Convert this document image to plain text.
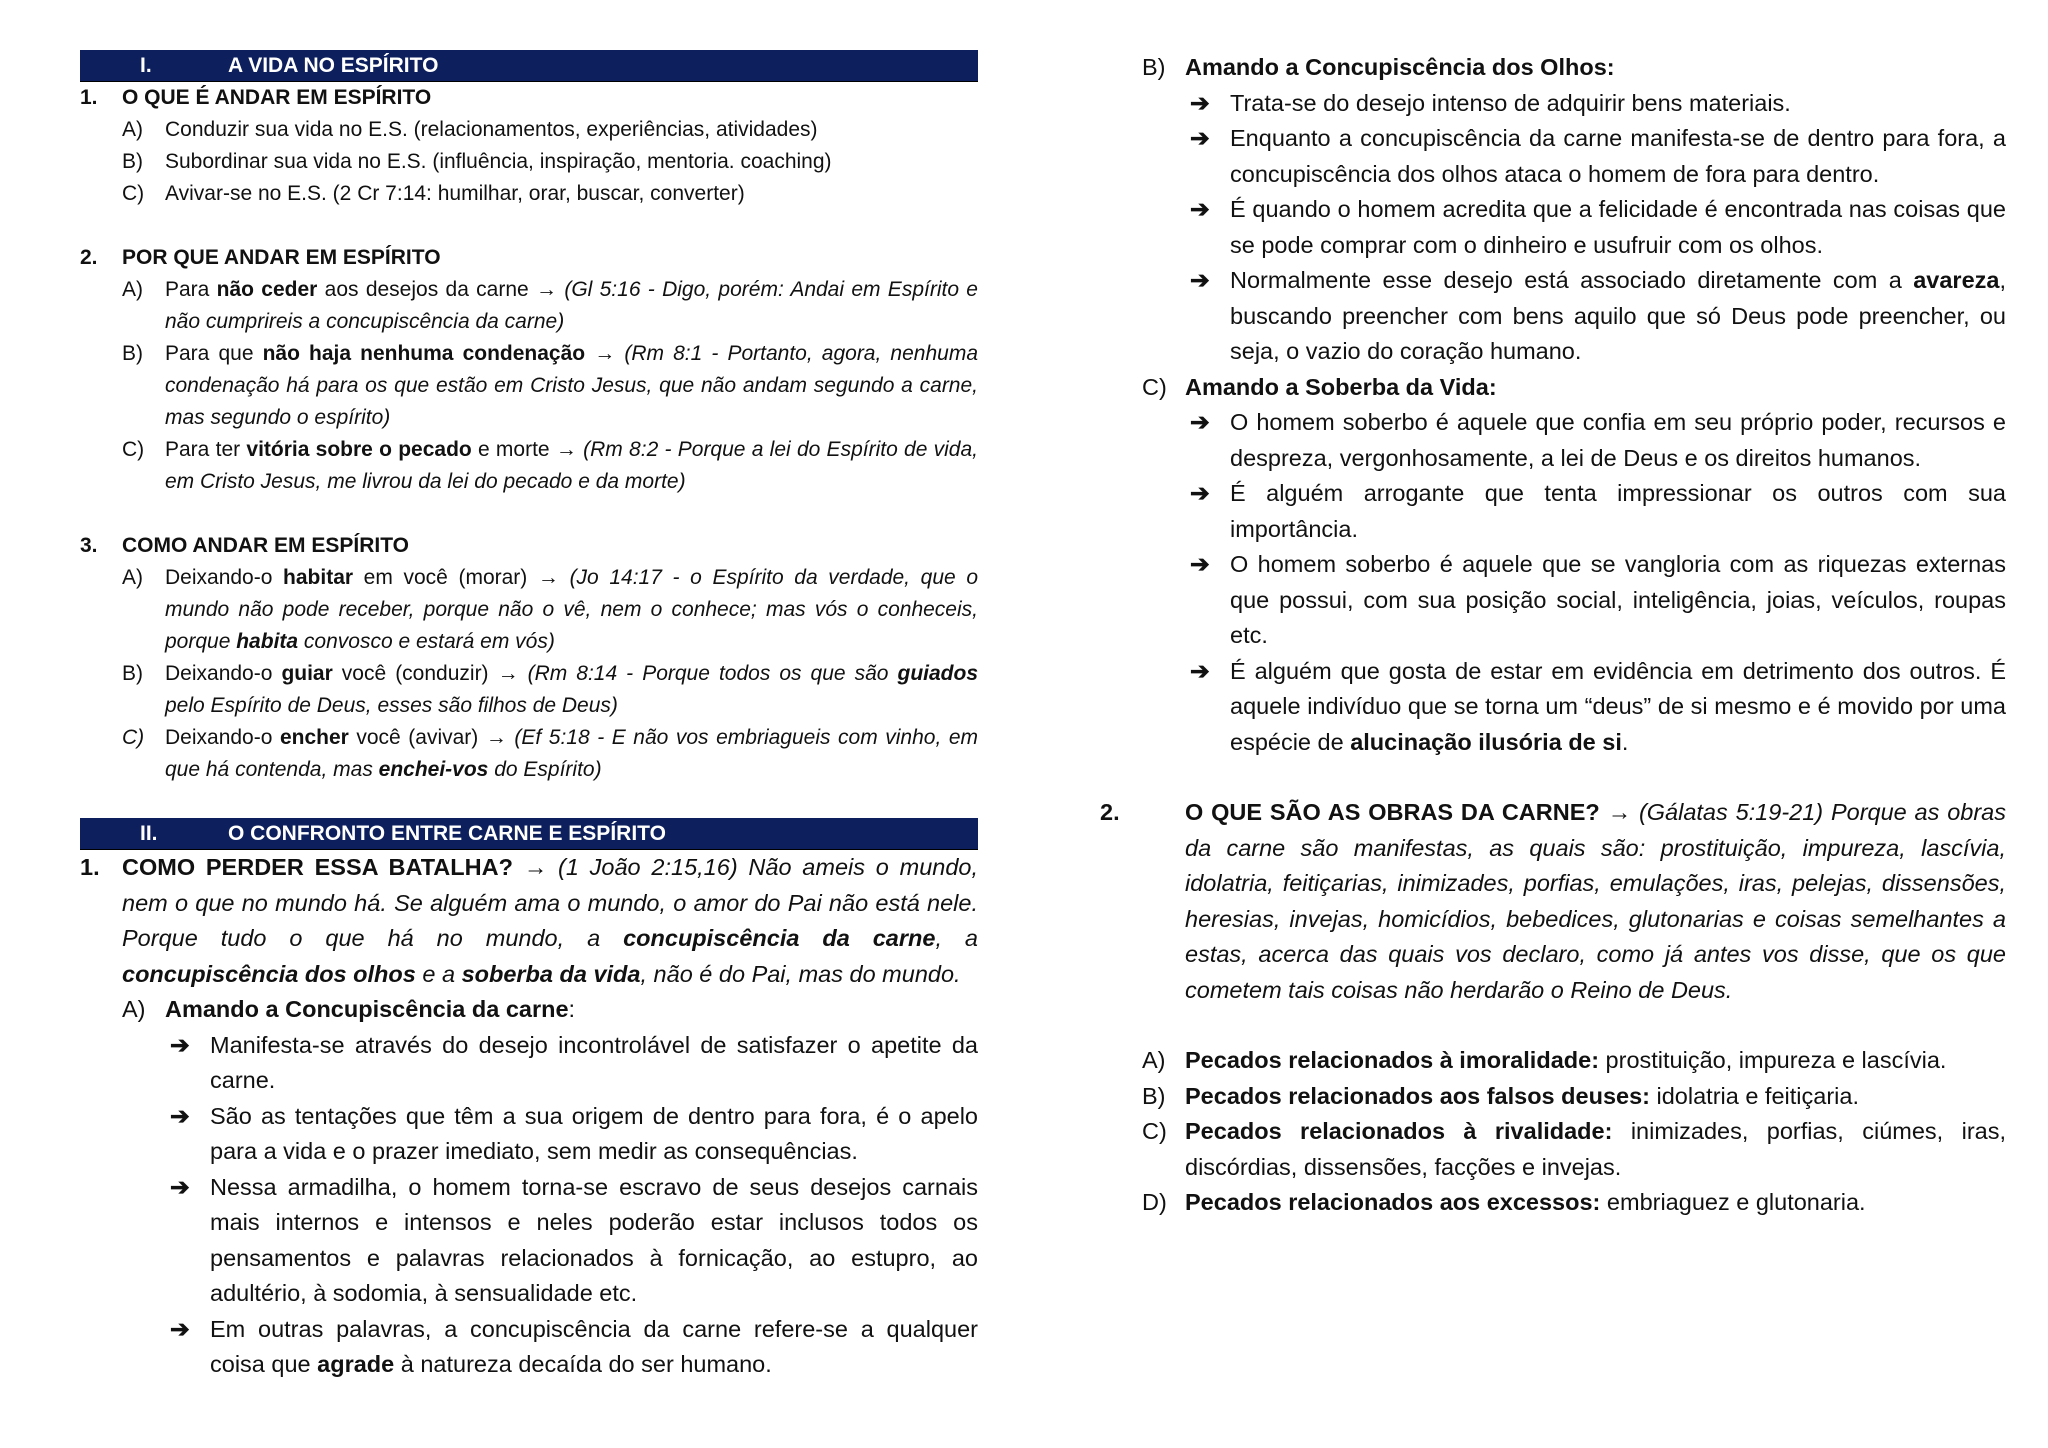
I.	A VIDA NO ESPÍRITO
1. O QUE É ANDAR EM ESPÍRITO
A) Conduzir sua vida no E.S. (relacionamentos, experiências, atividades)
B) Subordinar sua vida no E.S. (influência, inspiração, mentoria. coaching)
C) Avivar-se no E.S. (2 Cr 7:14: humilhar, orar, buscar, converter)
2. POR QUE ANDAR EM ESPÍRITO
A) Para não ceder aos desejos da carne → (Gl 5:16 - Digo, porém: Andai em Espírito e não cumprireis a concupiscência da carne)
B) Para que não haja nenhuma condenação → (Rm 8:1 - Portanto, agora, nenhuma condenação há para os que estão em Cristo Jesus, que não andam segundo a carne, mas segundo o espírito)
C) Para ter vitória sobre o pecado e morte → (Rm 8:2 - Porque a lei do Espírito de vida, em Cristo Jesus, me livrou da lei do pecado e da morte)
3. COMO ANDAR EM ESPÍRITO
A) Deixando-o habitar em você (morar) → (Jo 14:17 - o Espírito da verdade, que o mundo não pode receber, porque não o vê, nem o conhece; mas vós o conheceis, porque habita convosco e estará em vós)
B) Deixando-o guiar você (conduzir) → (Rm 8:14 - Porque todos os que são guiados pelo Espírito de Deus, esses são filhos de Deus)
C) Deixando-o encher você (avivar) → (Ef 5:18 - E não vos embriagueis com vinho, em que há contenda, mas enchei-vos do Espírito)
II.	O CONFRONTO ENTRE CARNE E ESPÍRITO
1. COMO PERDER ESSA BATALHA? → (1 João 2:15,16) Não ameis o mundo, nem o que no mundo há. Se alguém ama o mundo, o amor do Pai não está nele. Porque tudo o que há no mundo, a concupiscência da carne, a concupiscência dos olhos e a soberba da vida, não é do Pai, mas do mundo.
A) Amando a Concupiscência da carne:
➔ Manifesta-se através do desejo incontrolável de satisfazer o apetite da carne.
➔ São as tentações que têm a sua origem de dentro para fora, é o apelo para a vida e o prazer imediato, sem medir as consequências.
➔ Nessa armadilha, o homem torna-se escravo de seus desejos carnais mais internos e intensos e neles poderão estar inclusos todos os pensamentos e palavras relacionados à fornicação, ao estupro, ao adultério, à sodomia, à sensualidade etc.
➔ Em outras palavras, a concupiscência da carne refere-se a qualquer coisa que agrade à natureza decaída do ser humano.
B) Amando a Concupiscência dos Olhos:
➔ Trata-se do desejo intenso de adquirir bens materiais.
➔ Enquanto a concupiscência da carne manifesta-se de dentro para fora, a concupiscência dos olhos ataca o homem de fora para dentro.
➔ É quando o homem acredita que a felicidade é encontrada nas coisas que se pode comprar com o dinheiro e usufruir com os olhos.
➔ Normalmente esse desejo está associado diretamente com a avareza, buscando preencher com bens aquilo que só Deus pode preencher, ou seja, o vazio do coração humano.
C) Amando a Soberba da Vida:
➔ O homem soberbo é aquele que confia em seu próprio poder, recursos e despreza, vergonhosamente, a lei de Deus e os direitos humanos.
➔ É alguém arrogante que tenta impressionar os outros com sua importância.
➔ O homem soberbo é aquele que se vangloria com as riquezas externas que possui, com sua posição social, inteligência, joias, veículos, roupas etc.
➔ É alguém que gosta de estar em evidência em detrimento dos outros. É aquele indivíduo que se torna um “deus” de si mesmo e é movido por uma espécie de alucinação ilusória de si.
2.	O QUE SÃO AS OBRAS DA CARNE? → (Gálatas 5:19-21) Porque as obras da carne são manifestas, as quais são: prostituição, impureza, lascívia, idolatria, feitiçarias, inimizades, porfias, emulações, iras, pelejas, dissensões, heresias, invejas, homicídios, bebedices, glutonarias e coisas semelhantes a estas, acerca das quais vos declaro, como já antes vos disse, que os que cometem tais coisas não herdarão o Reino de Deus.
A) Pecados relacionados à imoralidade: prostituição, impureza e lascívia.
B) Pecados relacionados aos falsos deuses: idolatria e feitiçaria.
C) Pecados relacionados à rivalidade: inimizades, porfias, ciúmes, iras, discórdias, dissensões, facções e invejas.
D) Pecados relacionados aos excessos: embriaguez e glutonaria.
